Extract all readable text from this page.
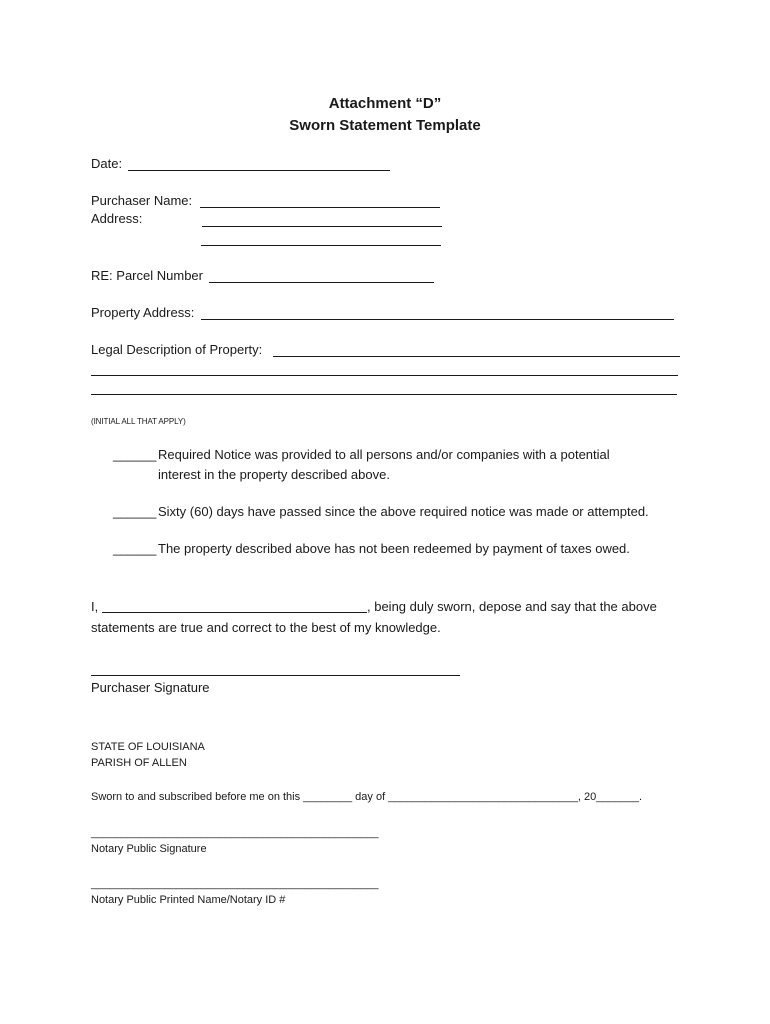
Attachment “D”
Sworn Statement Template
Date:
Purchaser Name:
Address:
RE: Parcel Number
Property Address:
Legal Description of Property:
(INITIAL ALL THAT APPLY)
______ Required Notice was provided to all persons and/or companies with a potential
interest in the property described above.
______ Sixty (60) days have passed since the above required notice was made or attempted.
______ The property described above has not been redeemed by payment of taxes owed.
I,	, being duly sworn, depose and say that the above
statements are true and correct to the best of my knowledge.
Purchaser Signature
STATE OF LOUISIANA
PARISH OF ALLEN
Sworn to and subscribed before me on this ________ day of _______________________________, 20_______.
_______________________________________________
Notary Public Signature
_______________________________________________
Notary Public Printed Name/Notary ID #
